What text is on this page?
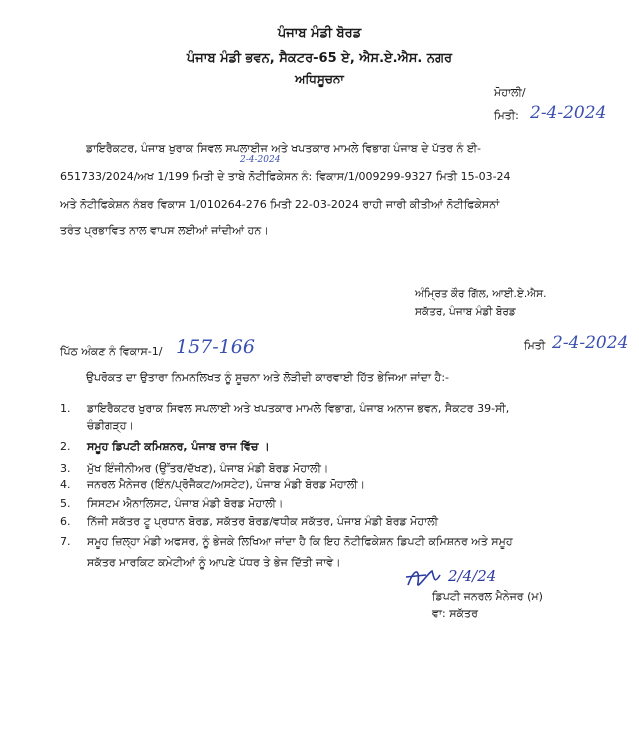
ਪੰਜਾਬ ਮੰਡੀ ਬੋਰਡ
ਪੰਜਾਬ ਮੰਡੀ ਭਵਨ, ਸੈਕਟਰ-65 ਏ, ਐਸ.ਏ.ਐਸ. ਨਗਰ
ਅਧਿਸੂਚਨਾ
ਮੋਹਾਲੀ/
ਮਿਤੀ: 2-4-2024
ਡਾਇਰੈਕਟਰ, ਪੰਜਾਬ ਖੁਰਾਕ ਸਿਵਲ ਸਪਲਾਈਜ ਅਤੇ ਖਪਤਕਾਰ ਮਾਮਲੇ ਵਿਭਾਗ ਪੰਜਾਬ ਦੇ ਪੱਤਰ ਨੰ ਈ-
2-4-2024
651733/2024/ਅਖ 1/199 ਮਿਤੀ ਦੇ ਤਾਬੇ ਨੋਟੀਫਿਕੇਸਨ ਨੰ: ਵਿਕਾਸ/1/009299-9327 ਮਿਤੀ 15-03-24
ਅਤੇ ਨੋਟੀਫਿਕੇਸ਼ਨ ਨੰਬਰ ਵਿਕਾਸ 1/010264-276 ਮਿਤੀ 22-03-2024 ਰਾਹੀ ਜਾਰੀ ਕੀਤੀਆਂ ਨੋਟੀਫਿਕੇਸਨਾਂ
ਤਰੰਤ ਪ੍ਰਭਾਵਿਤ ਨਾਲ ਵਾਪਸ ਲਈਆਂ ਜਾਂਦੀਆਂ ਹਨ।
ਅੰਮ੍ਰਿਤ ਕੌਰ ਗਿੱਲ, ਆਈ.ਏ.ਐਸ.
ਸਕੱਤਰ, ਪੰਜਾਬ ਮੰਡੀ ਬੋਰਡ
ਪਿੱਠ ਅੰਕਣ ਨੰ ਵਿਕਾਸ-1/ 157-166	ਮਿਤੀ 2-4-2024
ਉਪਰੋਕਤ ਦਾ ਉਤਾਰਾ ਨਿਮਨਲਿਖਤ ਨੂੰ ਸੂਚਨਾ ਅਤੇ ਲੋੜੀਦੀ ਕਾਰਵਾਈ ਹਿੱਤ ਭੇਜਿਆ ਜਾਂਦਾ ਹੈ:-
1. ਡਾਇਰੈਕਟਰ ਖੁਰਾਕ ਸਿਵਲ ਸਪਲਾਈ ਅਤੇ ਖਪਤਕਾਰ ਮਾਮਲੇ ਵਿਭਾਗ, ਪੰਜਾਬ ਅਨਾਜ ਭਵਨ, ਸੈਕਟਰ 39-ਸੀ,
ਚੰਡੀਗੜ੍ਹ।
2. ਸਮੂਹ ਡਿਪਟੀ ਕਮਿਸ਼ਨਰ, ਪੰਜਾਬ ਰਾਜ ਵਿੱਚ ।
3. ਮੁੱਖ ਇੰਜੀਨੀਅਰ (ਉੱਤਰ/ਦੱਖਣ), ਪੰਜਾਬ ਮੰਡੀ ਬੋਰਡ ਮੋਹਾਲੀ।
4. ਜਨਰਲ ਮੈਨੇਜਰ (ਇੰਨ/ਪ੍ਰੋਜੈਕਟ/ਅਸਟੇਟ), ਪੰਜਾਬ ਮੰਡੀ ਬੋਰਡ ਮੋਹਾਲੀ।
5. ਸਿਸਟਮ ਐਨਾਲਿਸਟ, ਪੰਜਾਬ ਮੰਡੀ ਬੋਰਡ ਮੋਹਾਲੀ।
6. ਨਿੱਜੀ ਸਕੱਤਰ ਟੂ ਪ੍ਰਧਾਨ ਬੋਰਡ, ਸਕੱਤਰ ਬੋਰਡ/ਵਧੀਕ ਸਕੱਤਰ, ਪੰਜਾਬ ਮੰਡੀ ਬੋਰਡ ਮੋਹਾਲੀ
7. ਸਮੂਹ ਜ਼ਿਲ੍ਹਾ ਮੰਡੀ ਅਫਸਰ, ਨੂੰ ਭੇਜਕੇ ਲਿਖਿਆ ਜਾਂਦਾ ਹੈ ਕਿ ਇਹ ਨੋਟੀਫਿਕੇਸ਼ਨ ਡਿਪਟੀ ਕਮਿਸ਼ਨਰ ਅਤੇ ਸਮੂਹ
ਸਕੱਤਰ ਮਾਰਕਿਟ ਕਮੇਟੀਆਂ ਨੂੰ ਆਪਣੇ ਪੱਧਰ ਤੇ ਭੇਜ ਦਿੱਤੀ ਜਾਵੇ।
2/4/24
ਡਿਪਟੀ ਜਨਰਲ ਮੈਨੇਜਰ (ਮ)
ਵਾ: ਸਕੱਤਰ
